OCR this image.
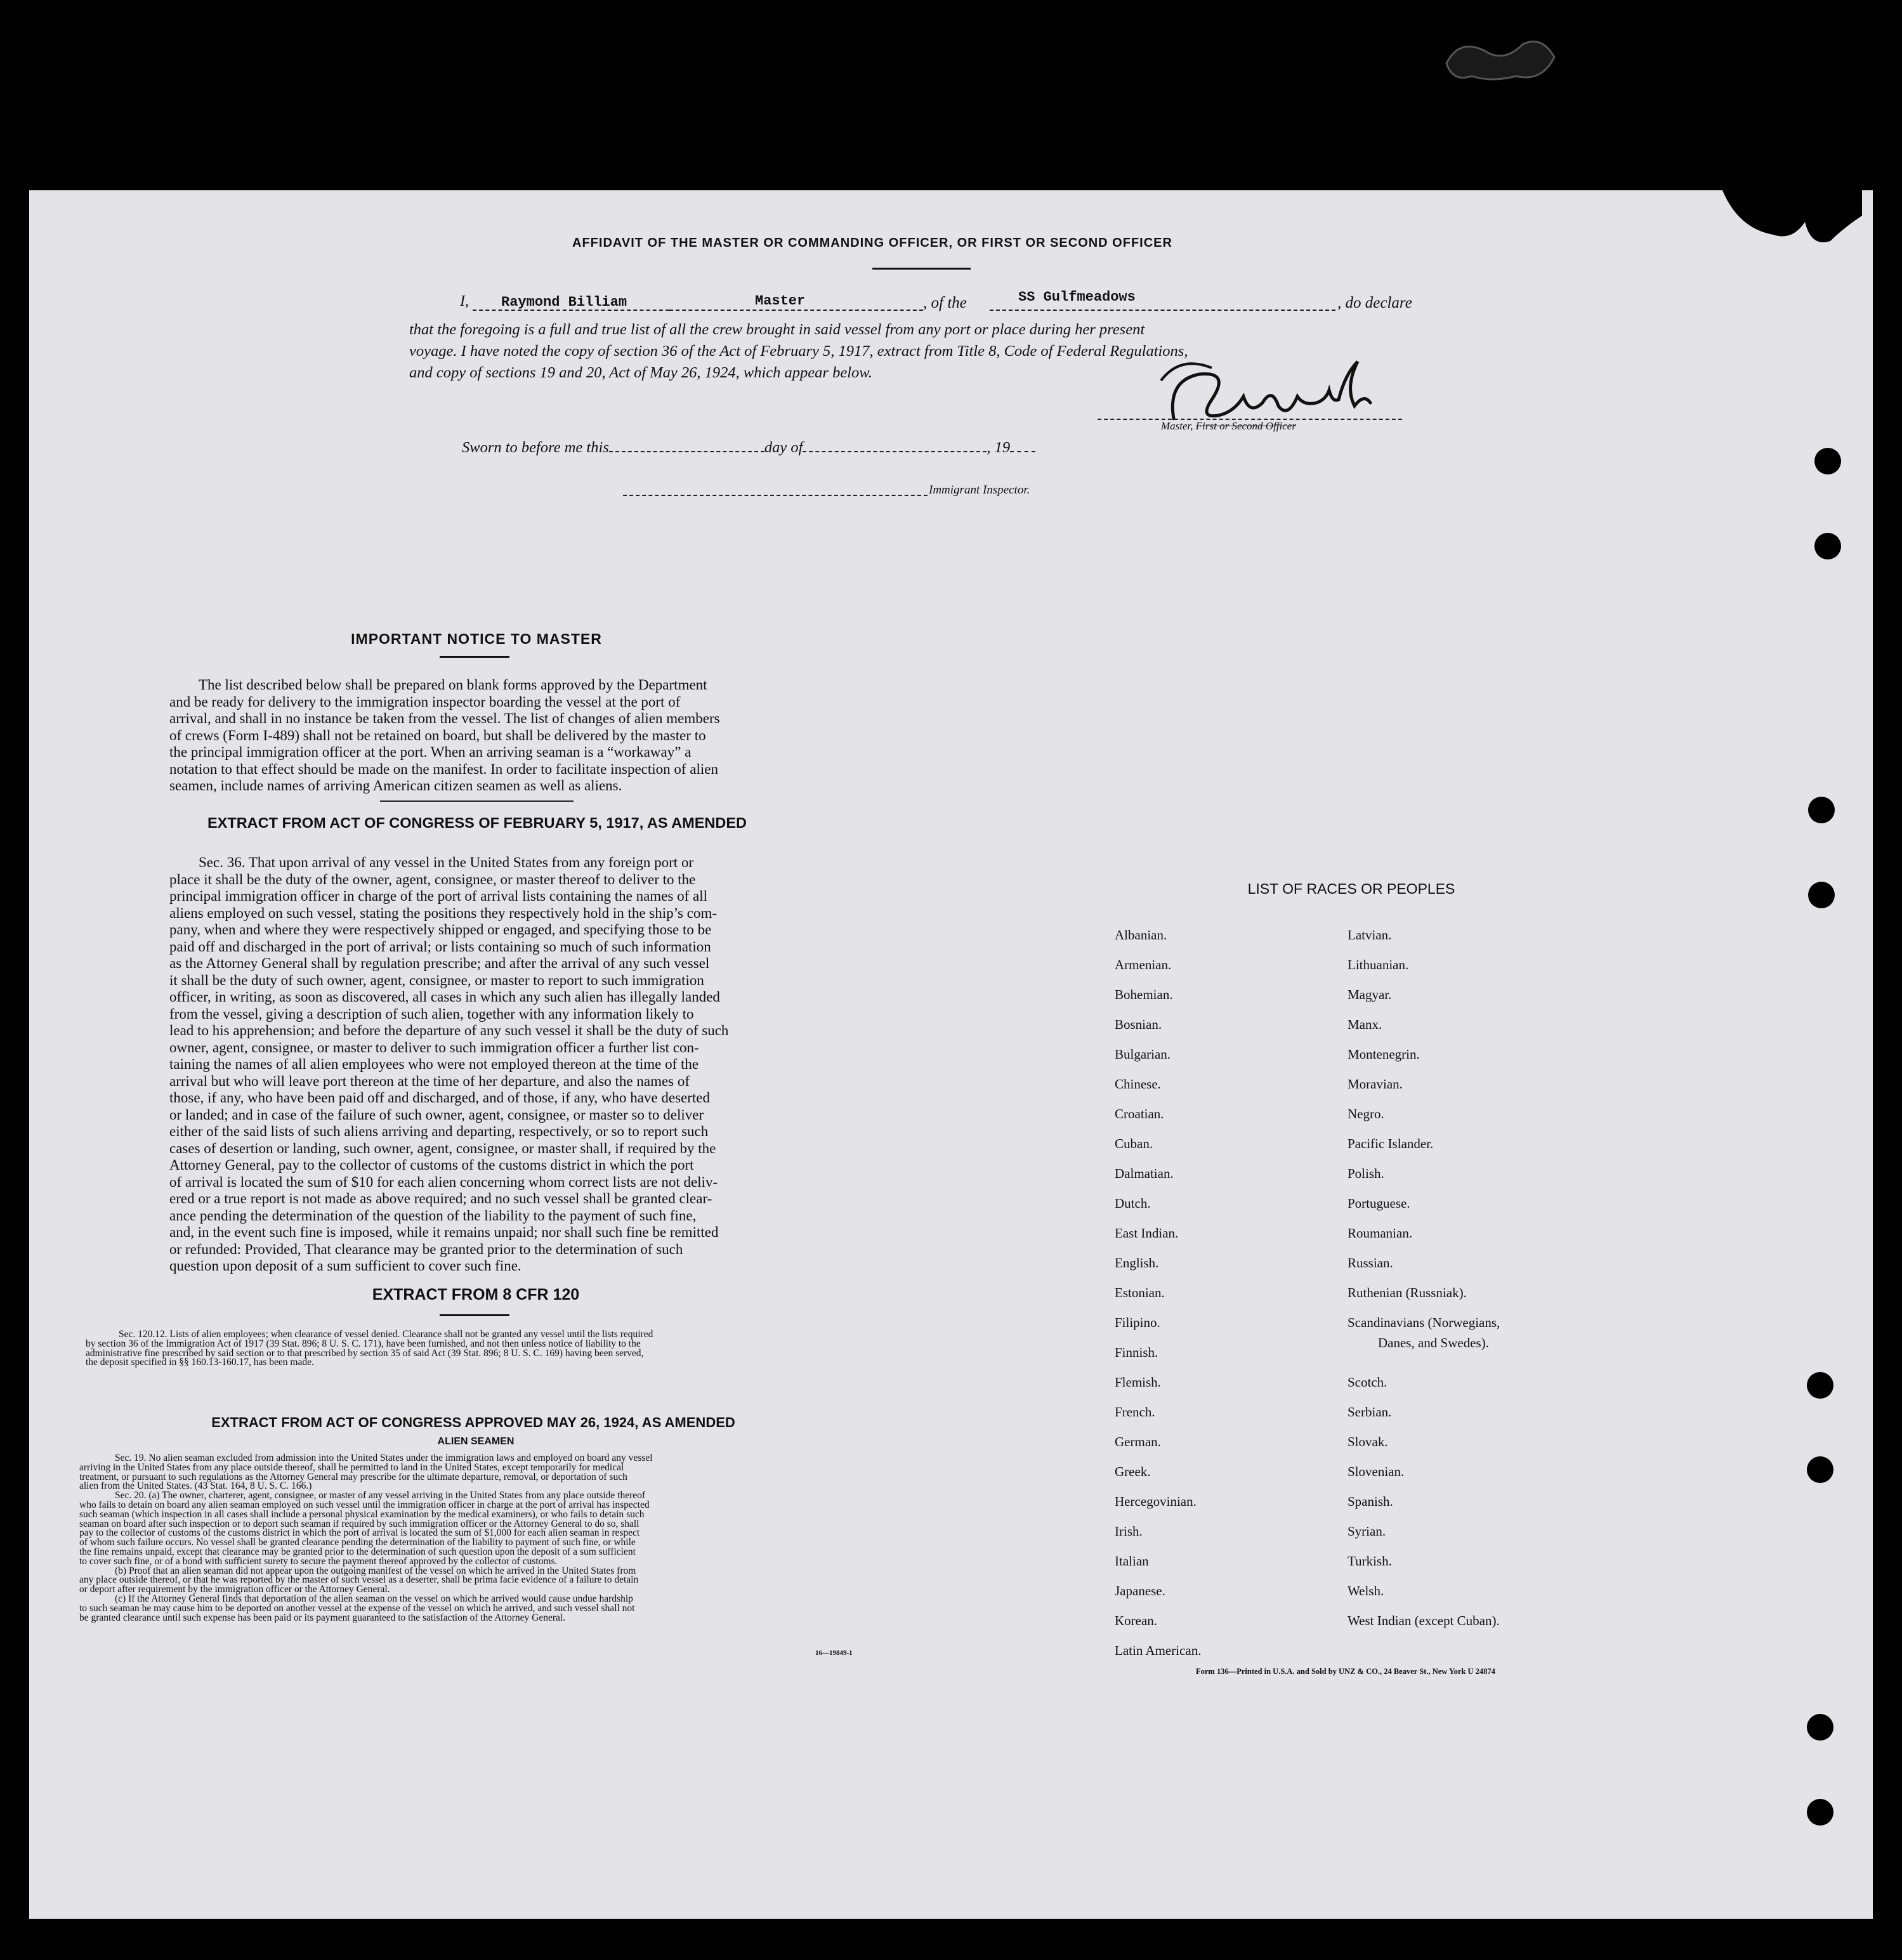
AFFIDAVIT OF THE MASTER OR COMMANDING OFFICER, OR FIRST OR SECOND OFFICER
I, Raymond Billiam	Master	, of the	SS Gulfmeadows	, do declare
that the foregoing is a full and true list of all the crew brought in said vessel from any port or place during her present
voyage. I have noted the copy of section 36 of the Act of February 5, 1917, extract from Title 8, Code of Federal Regulations,
and copy of sections 19 and 20, Act of May 26, 1924, which appear below.
Master, First or Second Officer
Sworn to before me this	day of	, 19
Immigrant Inspector.
IMPORTANT NOTICE TO MASTER
The list described below shall be prepared on blank forms approved by the Department
and be ready for delivery to the immigration inspector boarding the vessel at the port of
arrival, and shall in no instance be taken from the vessel. The list of changes of alien members
of crews (Form I-489) shall not be retained on board, but shall be delivered by the master to
the principal immigration officer at the port. When an arriving seaman is a “workaway” a
notation to that effect should be made on the manifest. In order to facilitate inspection of alien
seamen, include names of arriving American citizen seamen as well as aliens.
EXTRACT FROM ACT OF CONGRESS OF FEBRUARY 5, 1917, AS AMENDED
Sec. 36. That upon arrival of any vessel in the United States from any foreign port or
place it shall be the duty of the owner, agent, consignee, or master thereof to deliver to the
principal immigration officer in charge of the port of arrival lists containing the names of all
aliens employed on such vessel, stating the positions they respectively hold in the ship’s com-
pany, when and where they were respectively shipped or engaged, and specifying those to be
paid off and discharged in the port of arrival; or lists containing so much of such information
as the Attorney General shall by regulation prescribe; and after the arrival of any such vessel
it shall be the duty of such owner, agent, consignee, or master to report to such immigration
officer, in writing, as soon as discovered, all cases in which any such alien has illegally landed
from the vessel, giving a description of such alien, together with any information likely to
lead to his apprehension; and before the departure of any such vessel it shall be the duty of such
owner, agent, consignee, or master to deliver to such immigration officer a further list con-
taining the names of all alien employees who were not employed thereon at the time of the
arrival but who will leave port thereon at the time of her departure, and also the names of
those, if any, who have been paid off and discharged, and of those, if any, who have deserted
or landed; and in case of the failure of such owner, agent, consignee, or master so to deliver
either of the said lists of such aliens arriving and departing, respectively, or so to report such
cases of desertion or landing, such owner, agent, consignee, or master shall, if required by the
Attorney General, pay to the collector of customs of the customs district in which the port
of arrival is located the sum of $10 for each alien concerning whom correct lists are not deliv-
ered or a true report is not made as above required; and no such vessel shall be granted clear-
ance pending the determination of the question of the liability to the payment of such fine,
and, in the event such fine is imposed, while it remains unpaid; nor shall such fine be remitted
or refunded: Provided, That clearance may be granted prior to the determination of such
question upon deposit of a sum sufficient to cover such fine.
EXTRACT FROM 8 CFR 120
Sec. 120.12. Lists of alien employees; when clearance of vessel denied. Clearance shall not be granted any vessel until the lists required
by section 36 of the Immigration Act of 1917 (39 Stat. 896; 8 U. S. C. 171), have been furnished, and not then unless notice of liability to the
administrative fine prescribed by said section or to that prescribed by section 35 of said Act (39 Stat. 896; 8 U. S. C. 169) having been served,
the deposit specified in §§ 160.13-160.17, has been made.
EXTRACT FROM ACT OF CONGRESS APPROVED MAY 26, 1924, AS AMENDED
ALIEN SEAMEN
Sec. 19. No alien seaman excluded from admission into the United States under the immigration laws and employed on board any vessel
arriving in the United States from any place outside thereof, shall be permitted to land in the United States, except temporarily for medical
treatment, or pursuant to such regulations as the Attorney General may prescribe for the ultimate departure, removal, or deportation of such
alien from the United States. (43 Stat. 164, 8 U. S. C. 166.)
Sec. 20. (a) The owner, charterer, agent, consignee, or master of any vessel arriving in the United States from any place outside thereof
who fails to detain on board any alien seaman employed on such vessel until the immigration officer in charge at the port of arrival has inspected
such seaman (which inspection in all cases shall include a personal physical examination by the medical examiners), or who fails to detain such
seaman on board after such inspection or to deport such seaman if required by such immigration officer or the Attorney General to do so, shall
pay to the collector of customs of the customs district in which the port of arrival is located the sum of $1,000 for each alien seaman in respect
of whom such failure occurs. No vessel shall be granted clearance pending the determination of the liability to payment of such fine, or while
the fine remains unpaid, except that clearance may be granted prior to the determination of such question upon the deposit of a sum sufficient
to cover such fine, or of a bond with sufficient surety to secure the payment thereof approved by the collector of customs.
(b) Proof that an alien seaman did not appear upon the outgoing manifest of the vessel on which he arrived in the United States from
any place outside thereof, or that he was reported by the master of such vessel as a deserter, shall be prima facie evidence of a failure to detain
or deport after requirement by the immigration officer or the Attorney General.
(c) If the Attorney General finds that deportation of the alien seaman on the vessel on which he arrived would cause undue hardship
to such seaman he may cause him to be deported on another vessel at the expense of the vessel on which he arrived, and such vessel shall not
be granted clearance until such expense has been paid or its payment guaranteed to the satisfaction of the Attorney General.
16—19849-1
LIST OF RACES OR PEOPLES
Albanian.
Armenian.
Bohemian.
Bosnian.
Bulgarian.
Chinese.
Croatian.
Cuban.
Dalmatian.
Dutch.
East Indian.
English.
Estonian.
Filipino.
Finnish.
Flemish.
French.
German.
Greek.
Hercegovinian.
Irish.
Italian
Japanese.
Korean.
Latin American.
Latvian.
Lithuanian.
Magyar.
Manx.
Montenegrin.
Moravian.
Negro.
Pacific Islander.
Polish.
Portuguese.
Roumanian.
Russian.
Ruthenian (Russniak).
Scandinavians (Norwegians,
Danes, and Swedes).
Scotch.
Serbian.
Slovak.
Slovenian.
Spanish.
Syrian.
Turkish.
Welsh.
West Indian (except Cuban).
Form 136—Printed in U.S.A. and Sold by UNZ & CO., 24 Beaver St., New York U 24874
